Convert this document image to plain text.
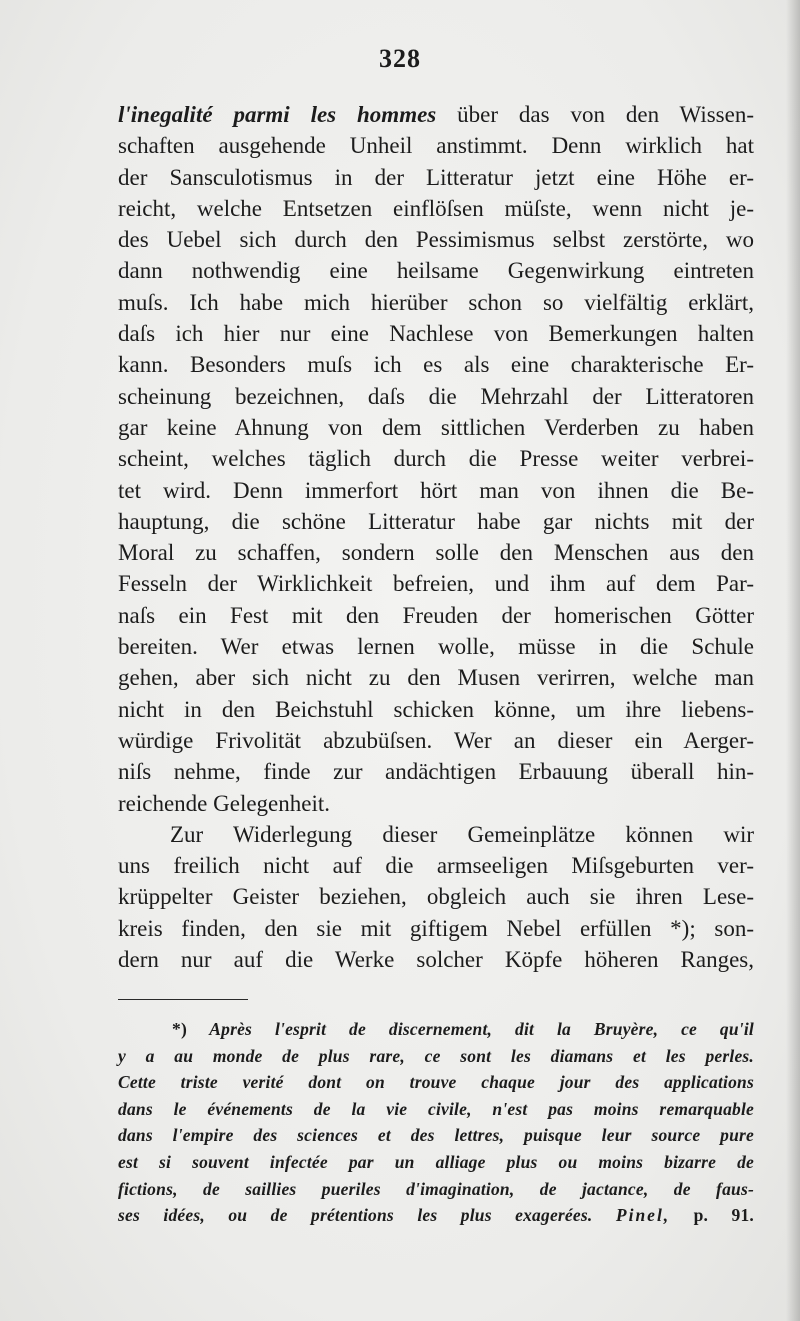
328
l'inegalité parmi les hommes über das von den Wissen-
schaften ausgehende Unheil anstimmt. Denn wirklich hat
der Sansculotismus in der Litteratur jetzt eine Höhe er-
reicht, welche Entsetzen einflöſsen müſste, wenn nicht je-
des Uebel sich durch den Pessimismus selbst zerstörte, wo
dann nothwendig eine heilsame Gegenwirkung eintreten
muſs. Ich habe mich hierüber schon so vielfältig erklärt,
daſs ich hier nur eine Nachlese von Bemerkungen halten
kann. Besonders muſs ich es als eine charakterische Er-
scheinung bezeichnen, daſs die Mehrzahl der Litteratoren
gar keine Ahnung von dem sittlichen Verderben zu haben
scheint, welches täglich durch die Presse weiter verbrei-
tet wird. Denn immerfort hört man von ihnen die Be-
hauptung, die schöne Litteratur habe gar nichts mit der
Moral zu schaffen, sondern solle den Menschen aus den
Fesseln der Wirklichkeit befreien, und ihm auf dem Par-
naſs ein Fest mit den Freuden der homerischen Götter
bereiten. Wer etwas lernen wolle, müsse in die Schule
gehen, aber sich nicht zu den Musen verirren, welche man
nicht in den Beichstuhl schicken könne, um ihre liebens-
würdige Frivolität abzubüſsen. Wer an dieser ein Aerger-
niſs nehme, finde zur andächtigen Erbauung überall hin-
reichende Gelegenheit.
Zur Widerlegung dieser Gemeinplätze können wir
uns freilich nicht auf die armseeligen Miſsgeburten ver-
krüppelter Geister beziehen, obgleich auch sie ihren Lese-
kreis finden, den sie mit giftigem Nebel erfüllen *); son-
dern nur auf die Werke solcher Köpfe höheren Ranges,
*) Après l'esprit de discernement, dit la Bruyère, ce qu'il
y a au monde de plus rare, ce sont les diamans et les perles.
Cette triste verité dont on trouve chaque jour des applications
dans le événements de la vie civile, n'est pas moins remarquable
dans l'empire des sciences et des lettres, puisque leur source pure
est si souvent infectée par un alliage plus ou moins bizarre de
fictions, de saillies pueriles d'imagination, de jactance, de faus-
ses idées, ou de prétentions les plus exagerées. Pinel, p. 91.
